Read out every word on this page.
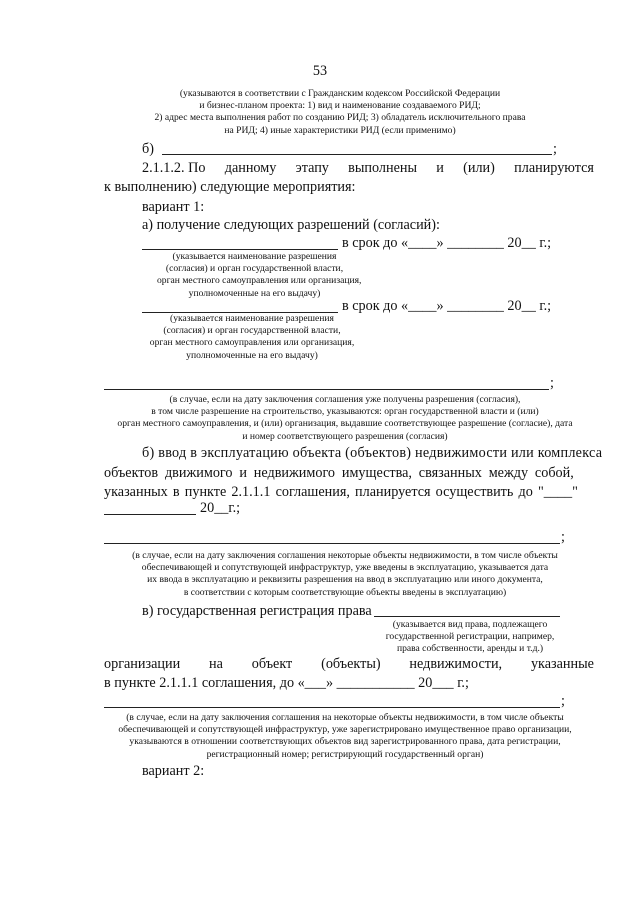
53
(указываются в соответствии с Гражданским кодексом Российской Федерации
и бизнес-планом проекта: 1) вид и наименование создаваемого РИД;
2) адрес места выполнения работ по созданию РИД; 3) обладатель исключительного права
на РИД; 4) иные характеристики РИД (если применимо)
б)	;
2.1.1.2. По данному этапу выполнены и (или) планируются
к выполнению) следующие мероприятия:
вариант 1:
а) получение следующих разрешений (согласий):
в срок до «____» ________ 20__ г.;
(указывается наименование разрешения
(согласия) и орган государственной власти,
орган местного самоуправления или организация,
уполномоченные на его выдачу)
в срок до «____» ________ 20__ г.;
(указывается наименование разрешения
(согласия) и орган государственной власти,
орган местного самоуправления или организация,
уполномоченные на его выдачу)
;
(в случае, если на дату заключения соглашения уже получены разрешения (согласия),
в том числе разрешение на строительство, указываются: орган государственной власти и (или)
орган местного самоуправления, и (или) организация, выдавшие соответствующее разрешение (согласие), дата
и номер соответствующего разрешения (согласия)
б) ввод в эксплуатацию объекта (объектов) недвижимости или комплекса
объектов движимого и недвижимого имущества, связанных между собой,
указанных в пункте 2.1.1.1 соглашения, планируется осуществить до "____"
20__г.;
;
(в случае, если на дату заключения соглашения некоторые объекты недвижимости, в том числе объекты
обеспечивающей и сопутствующей инфраструктур, уже введены в эксплуатацию, указывается дата
их ввода в эксплуатацию и реквизиты разрешения на ввод в эксплуатацию или иного документа,
в соответствии с которым соответствующие объекты введены в эксплуатацию)
в) государственная регистрация права
(указывается вид права, подлежащего
государственной регистрации, например,
права собственности, аренды и т.д.)
организации на объект (объекты) недвижимости, указанные
в пункте 2.1.1.1 соглашения, до «___» ___________ 20___ г.;
;
(в случае, если на дату заключения соглашения на некоторые объекты недвижимости, в том числе объекты
обеспечивающей и сопутствующей инфраструктур, уже зарегистрировано имущественное право организации,
указываются в отношении соответствующих объектов вид зарегистрированного права, дата регистрации,
регистрационный номер; регистрирующий государственный орган)
вариант 2:
